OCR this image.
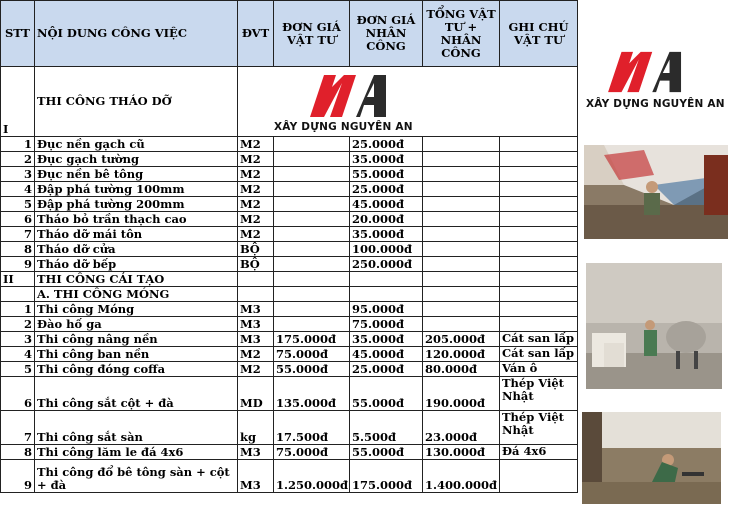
STT	NỘI DUNG CÔNG VIỆC	ĐVT	ĐƠN GIÁ VẬT TƯ	ĐƠN GIÁ NHÂN CÔNG	TỔNG VẬT TƯ + NHÂN CÔNG	GHI CHÚ VẬT TƯ
I	THI CÔNG THÁO DỠ	XÂY DỰNG NGUYÊN AN				

1	Đục nền gạch cũ	M2		25.000đ		
2	Đục gạch tường	M2		35.000đ		
3	Đục nền bê tông	M2		55.000đ		
4	Đập phá tường 100mm	M2		25.000đ		
5	Đập phá tường 200mm	M2		45.000đ		
6	Tháo bỏ trần thạch cao	M2		20.000đ		
7	Tháo dỡ mái tôn	M2		35.000đ		
8	Tháo dỡ cửa	BỘ		100.000đ		
9	Tháo dỡ bếp	BỘ		250.000đ		
II	THI CÔNG CẢI TẠO					
	A. THI CÔNG MÓNG					
1	Thi công Móng	M3		95.000đ		
2	Đào hố ga	M3		75.000đ		
3	Thi công nâng nền	M3	175.000đ	35.000đ	205.000đ	Cát san lấp
4	Thi công ban nền	M2	75.000đ	45.000đ	120.000đ	Cát san lấp
5	Thi công đóng coffa	M2	55.000đ	25.000đ	80.000đ	Ván ô
6	Thi công sắt cột + đà	MD	135.000đ	55.000đ	190.000đ	Thép Việt Nhật
7	Thi công sắt sàn	kg	17.500đ	5.500đ	23.000đ	Thép Việt Nhật
8	Thi công lăm le đá 4x6	M3	75.000đ	55.000đ	130.000đ	Đá 4x6
9	Thi công đổ bê tông sàn + cột + đà	M3	1.250.000đ	175.000đ	1.400.000đ	
XÂY DỰNG NGUYÊN AN
